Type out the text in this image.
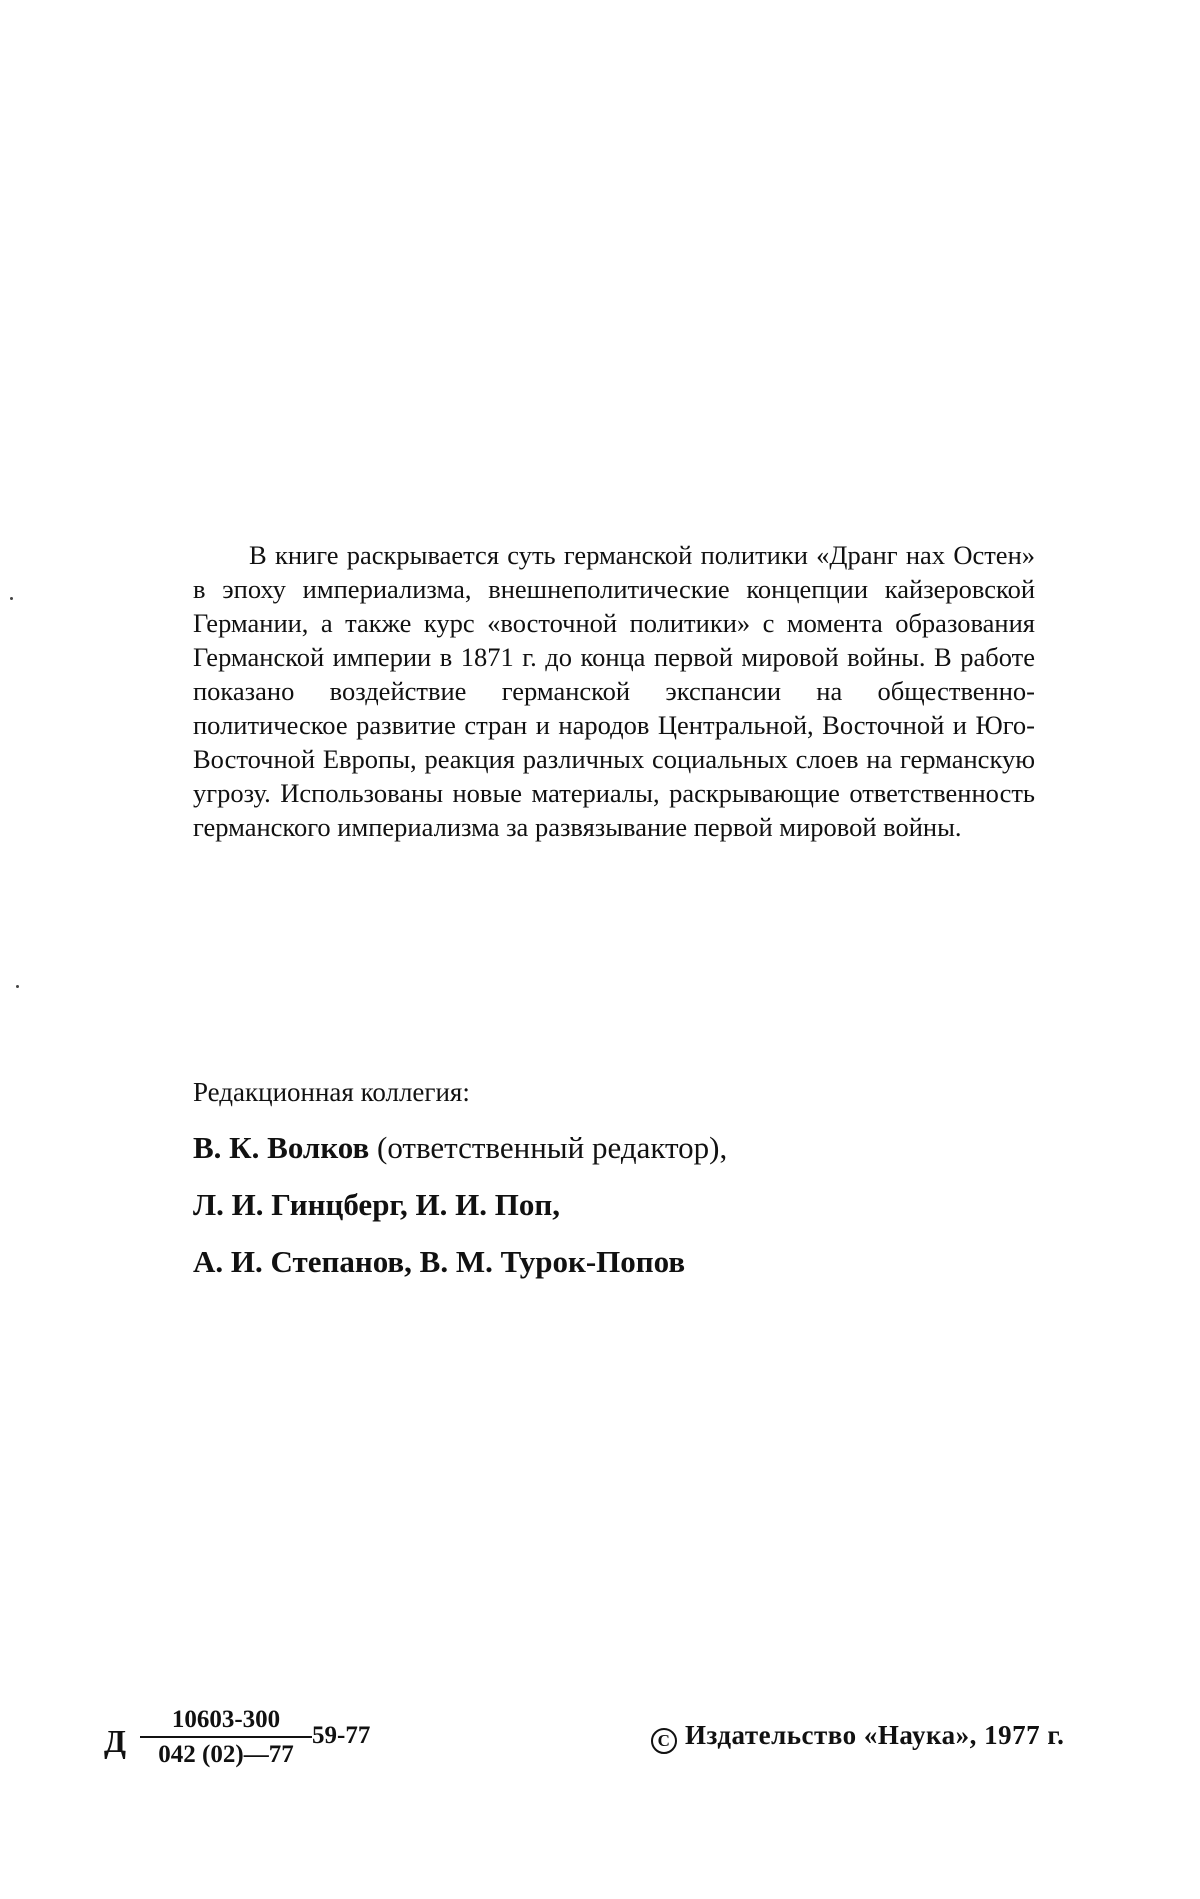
В книге раскрывается суть германской политики «Дранг нах Остен» в эпоху империализма, внешнеполитические концепции кайзеровской Германии, а также курс «восточной политики» с момента образования Германской империи в 1871 г. до конца первой мировой войны. В работе показано воздействие германской экспансии на общественно-политическое развитие стран и народов Центральной, Восточной и Юго-Восточной Европы, реакция различных социальных слоев на германскую угрозу. Использованы новые материалы, раскрывающие ответственность германского империализма за развязывание первой мировой войны.

Редакционная коллегия:

В. К. Волков (ответственный редактор),

Л. И. Гинцберг, И. И. Поп,

А. И. Степанов, В. М. Турок-Попов

Д
10603-300
042 (02)—77
59-77	C Издательство «Наука», 1977 г.
